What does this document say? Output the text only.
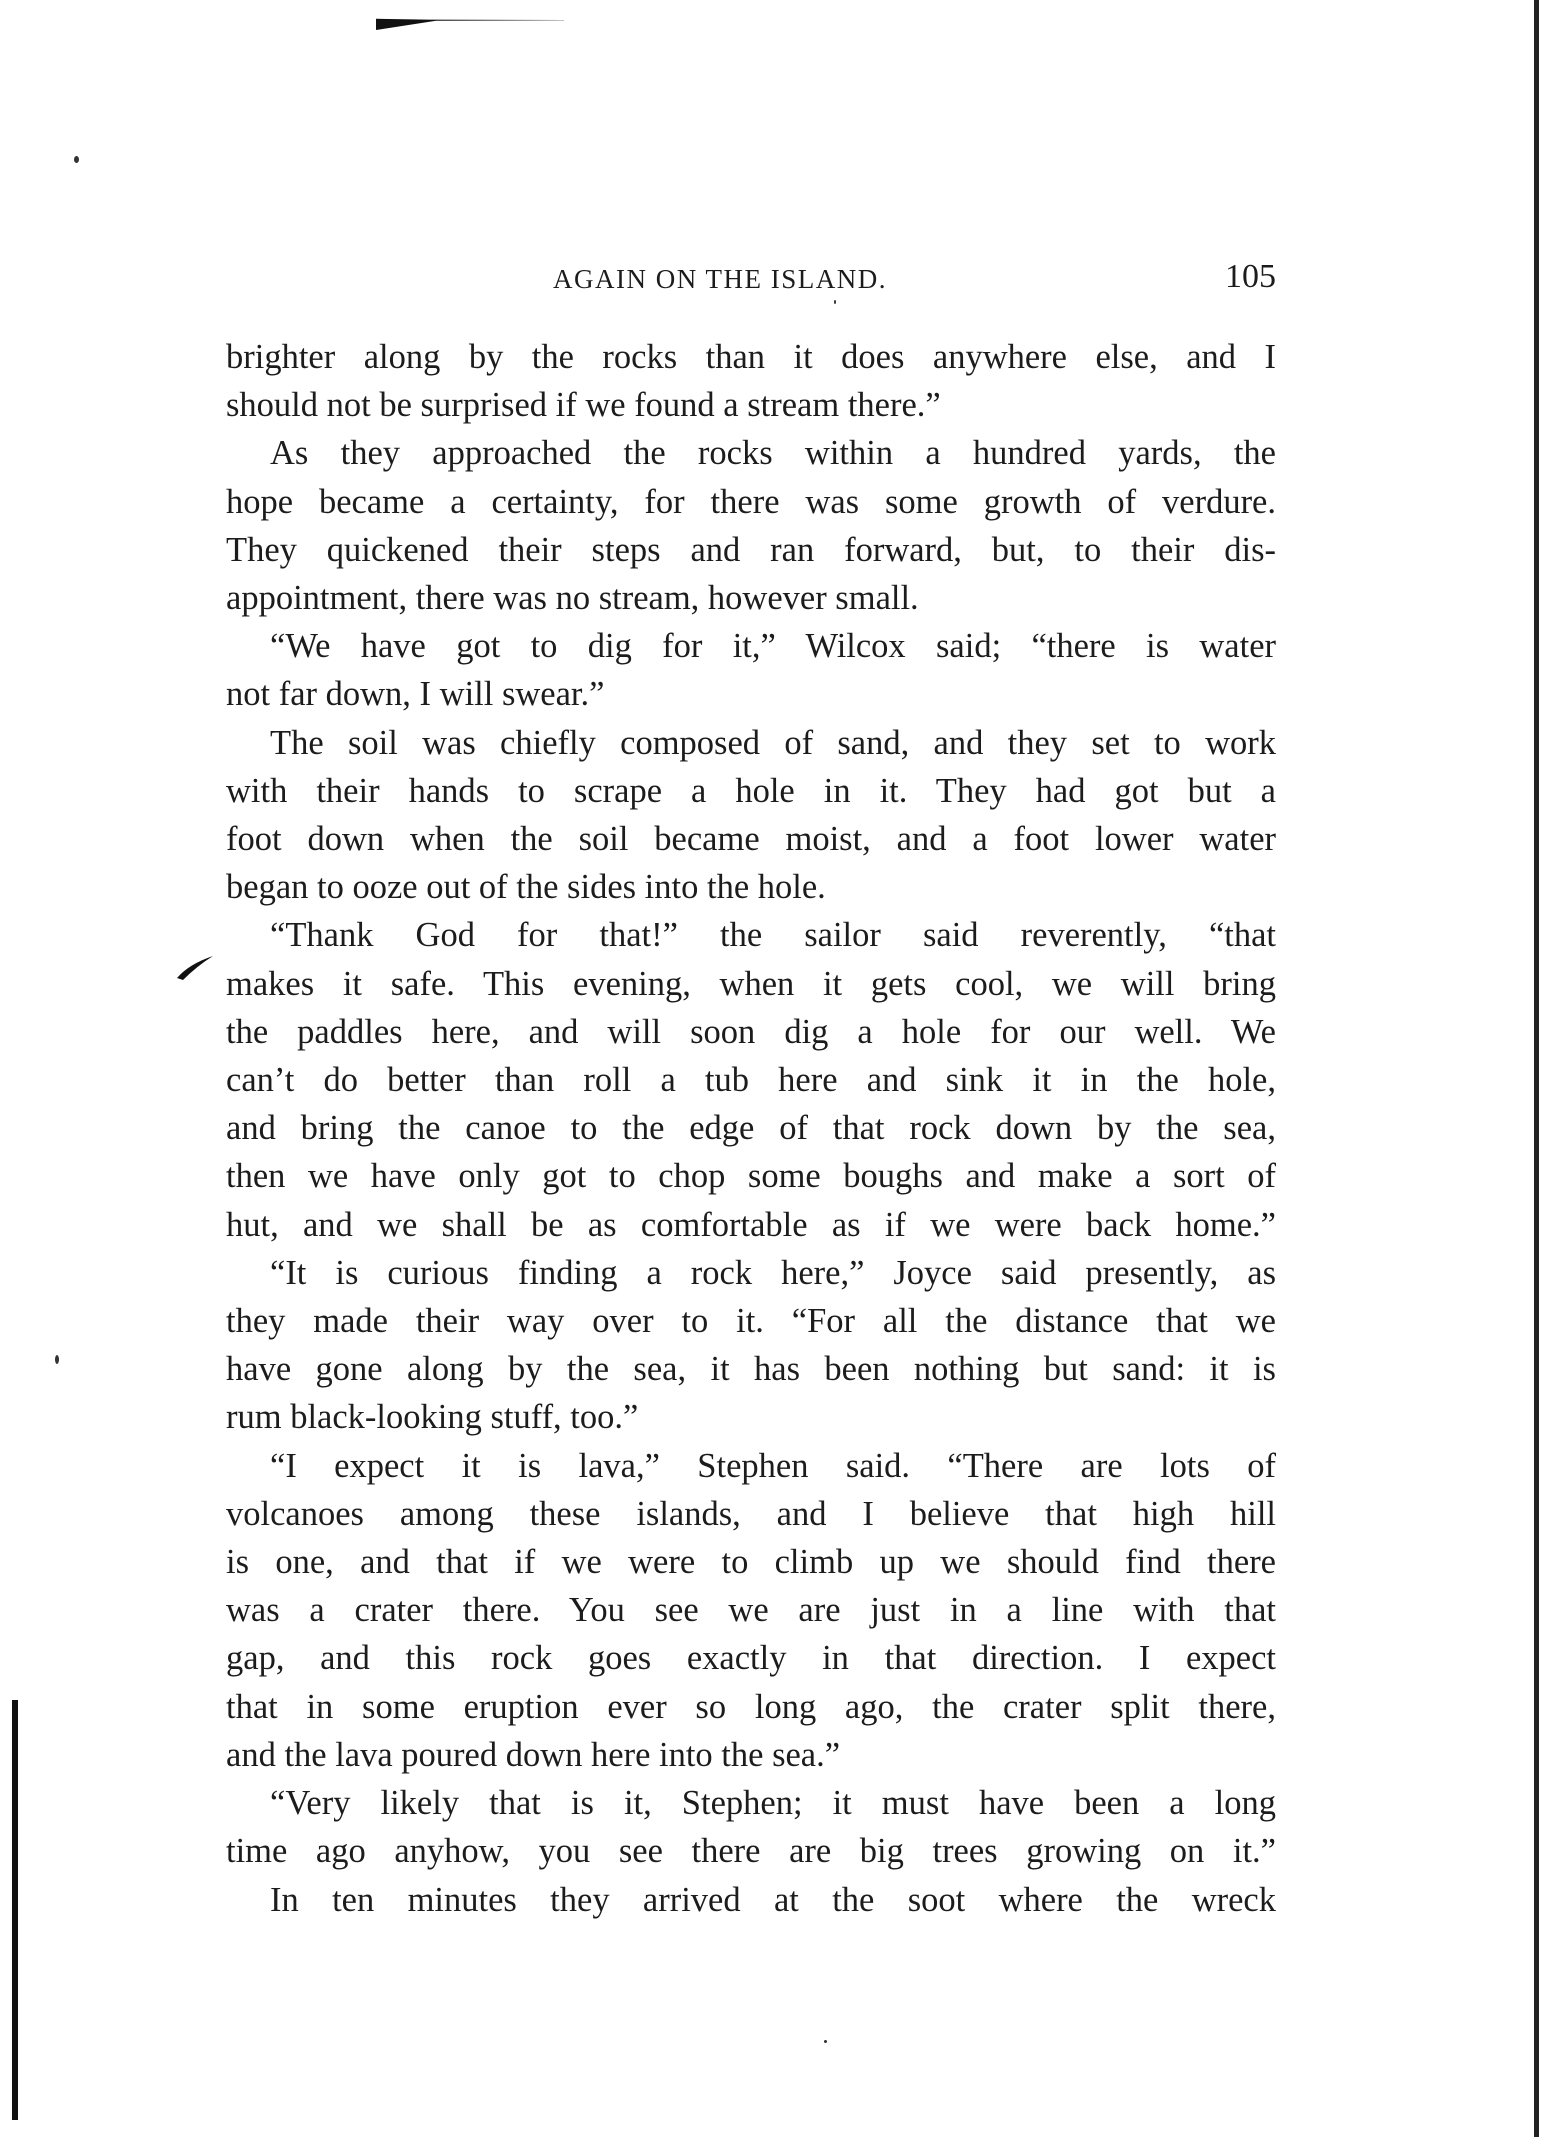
AGAIN ON THE ISLAND.	105
brighter along by the rocks than it does anywhere else, and I
should not be surprised if we found a stream there.”
As they approached the rocks within a hundred yards, the
hope became a certainty, for there was some growth of verdure.
They quickened their steps and ran forward, but, to their dis-
appointment, there was no stream, however small.
“We have got to dig for it,” Wilcox said; “there is water
not far down, I will swear.”
The soil was chiefly composed of sand, and they set to work
with their hands to scrape a hole in it. They had got but a
foot down when the soil became moist, and a foot lower water
began to ooze out of the sides into the hole.
“Thank God for that!” the sailor said reverently, “that
makes it safe. This evening, when it gets cool, we will bring
the paddles here, and will soon dig a hole for our well. We
can’t do better than roll a tub here and sink it in the hole,
and bring the canoe to the edge of that rock down by the sea,
then we have only got to chop some boughs and make a sort of
hut, and we shall be as comfortable as if we were back home.”
“It is curious finding a rock here,” Joyce said presently, as
they made their way over to it. “For all the distance that we
have gone along by the sea, it has been nothing but sand: it is
rum black-looking stuff, too.”
“I expect it is lava,” Stephen said. “There are lots of
volcanoes among these islands, and I believe that high hill
is one, and that if we were to climb up we should find there
was a crater there. You see we are just in a line with that
gap, and this rock goes exactly in that direction. I expect
that in some eruption ever so long ago, the crater split there,
and the lava poured down here into the sea.”
“Very likely that is it, Stephen; it must have been a long
time ago anyhow, you see there are big trees growing on it.”
In ten minutes they arrived at the soot where the wreck
